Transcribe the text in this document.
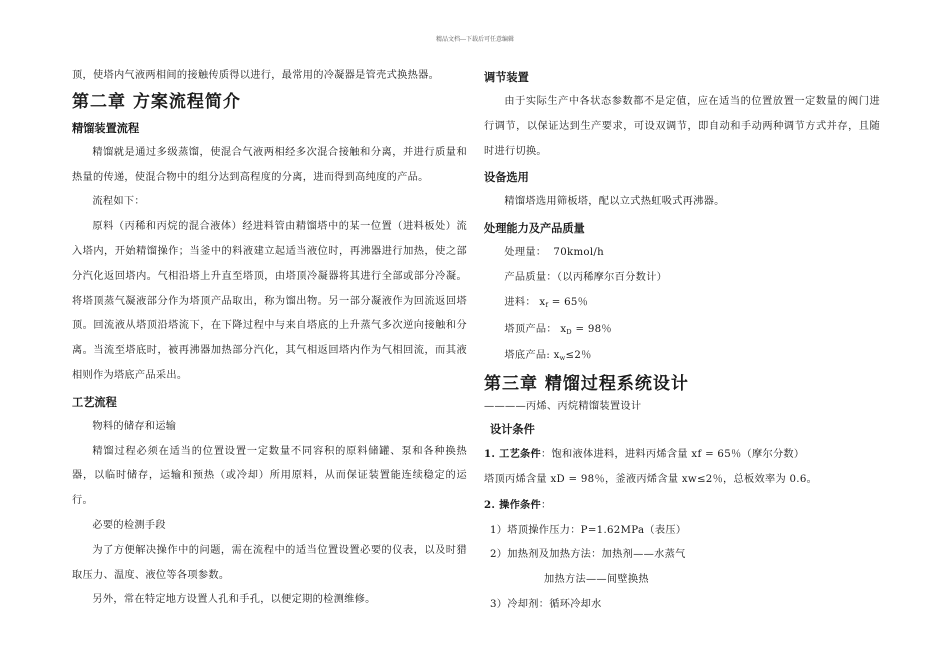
精品文档---下载后可任意编辑

顶，使塔内气液两相间的接触传质得以进行，最常用的冷凝器是管壳式换热器。

第二章 方案流程简介
精馏装置流程

精馏就是通过多级蒸馏，使混合气液两相经多次混合接触和分离，并进行质量和热量的传递，使混合物中的组分达到高程度的分离，进而得到高纯度的产品。

流程如下：

原料（丙稀和丙烷的混合液体）经进料管由精馏塔中的某一位置（进料板处）流入塔内，开始精馏操作；当釜中的料液建立起适当液位时，再沸器进行加热，使之部分汽化返回塔内。气相沿塔上升直至塔顶，由塔顶冷凝器将其进行全部或部分冷凝。将塔顶蒸气凝液部分作为塔顶产品取出，称为馏出物。另一部分凝液作为回流返回塔顶。回流液从塔顶沿塔流下，在下降过程中与来自塔底的上升蒸气多次逆向接触和分离。当流至塔底时，被再沸器加热部分汽化，其气相返回塔内作为气相回流，而其液相则作为塔底产品采出。

工艺流程

物料的储存和运输

精馏过程必须在适当的位置设置一定数量不同容积的原料储罐、泵和各种换热器，以临时储存，运输和预热（或冷却）所用原料，从而保证装置能连续稳定的运行。

必要的检测手段

为了方便解决操作中的问题，需在流程中的适当位置设置必要的仪表，以及时猎取压力、温度、液位等各项参数。

另外，常在特定地方设置人孔和手孔，以便定期的检测维修。

调节装置

由于实际生产中各状态参数都不是定值，应在适当的位置放置一定数量的阀门进行调节，以保证达到生产要求，可设双调节，即自动和手动两种调节方式并存，且随时进行切换。

设备选用

精馏塔选用筛板塔，配以立式热虹吸式再沸器。

处理能力及产品质量

处理量： 70kmol/h

产品质量：（以丙稀摩尔百分数计）

进料： $x_f = 65$％

塔顶产品： $x_D = 98$％

塔底产品: $x_w\le 2$％

第三章 精馏过程系统设计

————丙烯、丙烷精馏装置设计

设计条件

1. 工艺条件：饱和液体进料，进料丙烯含量 xf = 65％（摩尔分数）

塔顶丙烯含量 xD = 98％，釜液丙烯含量 xw≤2％，总板效率为 0.6。

2. 操作条件：

1）塔顶操作压力：P=1.62MPa（表压）

2）加热剂及加热方法：加热剂——水蒸气

加热方法——间壁换热

3）冷却剂：循环冷却水
